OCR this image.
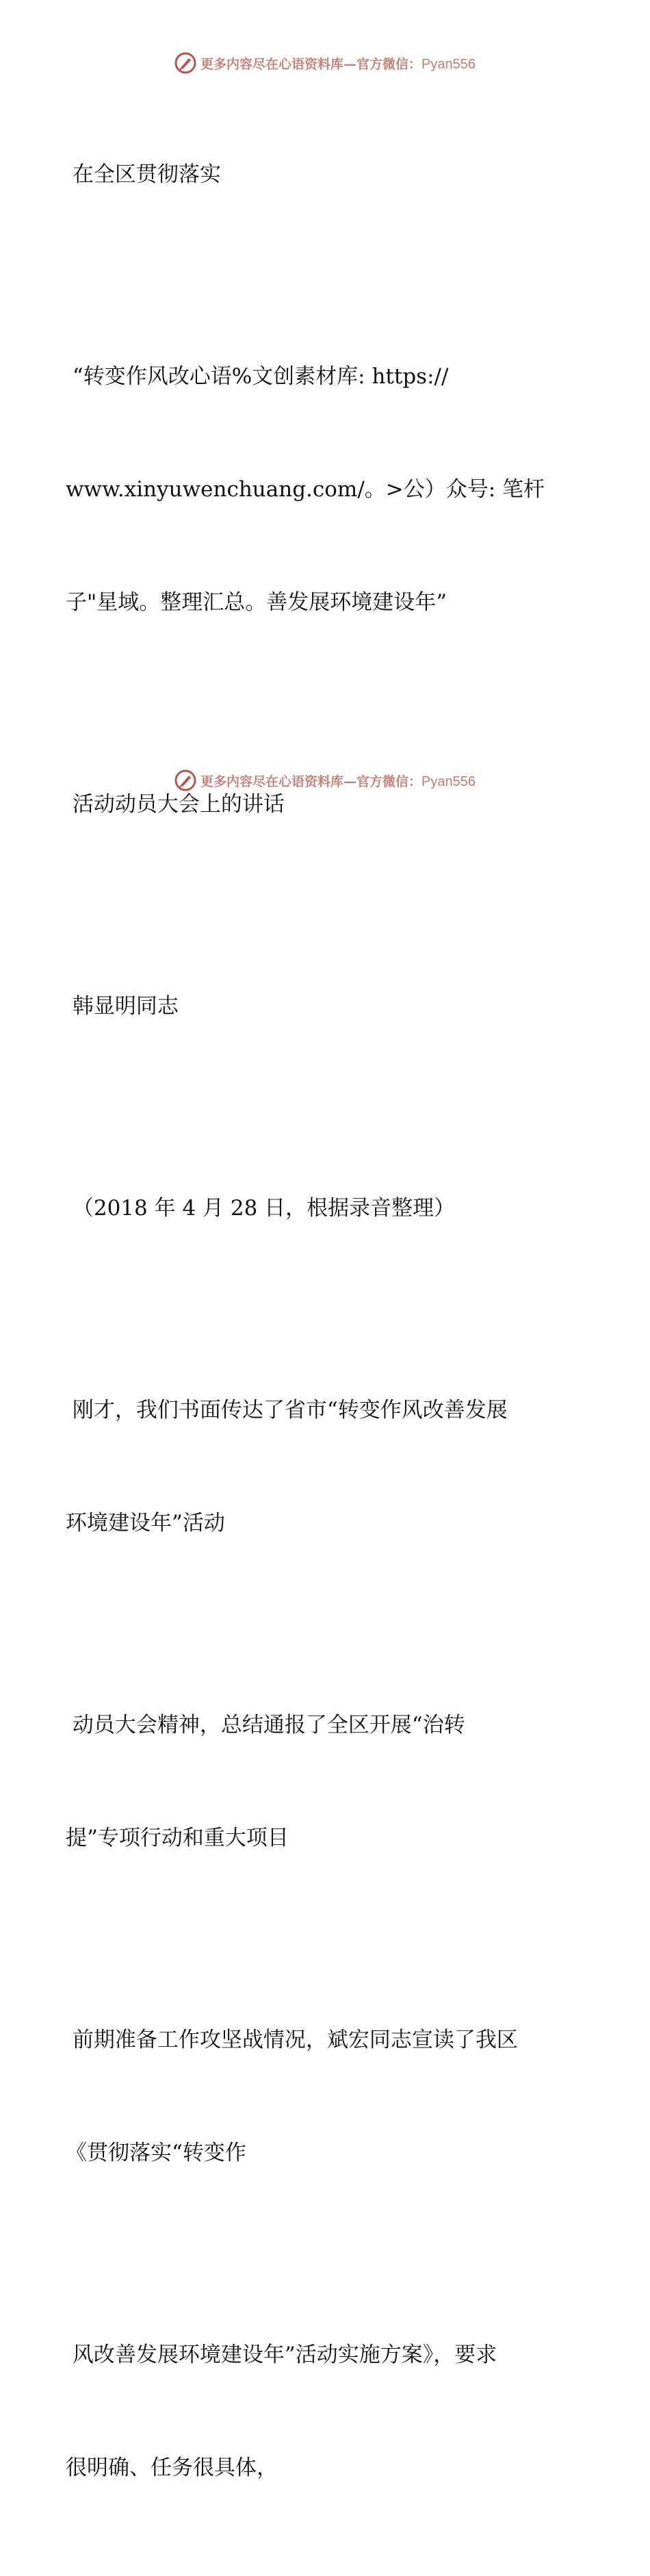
更多内容尽在心语资料库—官方微信：Pyan556

在全区贯彻落实

“转变作风改心语%文创素材库: https://

www.xinyuwenchuang.com/。>公）众号: 笔杆

子"星域。整理汇总。善发展环境建设年”

活动动员大会上的讲话

韩显明同志

（2018 年 4 月 28 日，根据录音整理）

刚才，我们书面传达了省市“转变作风改善发展

环境建设年”活动

动员大会精神，总结通报了全区开展“治转

提”专项行动和重大项目

前期准备工作攻坚战情况，斌宏同志宣读了我区

《贯彻落实“转变作

风改善发展环境建设年”活动实施方案》，要求

很明确、任务很具体，

更多内容尽在心语资料库—官方微信：Pyan556
